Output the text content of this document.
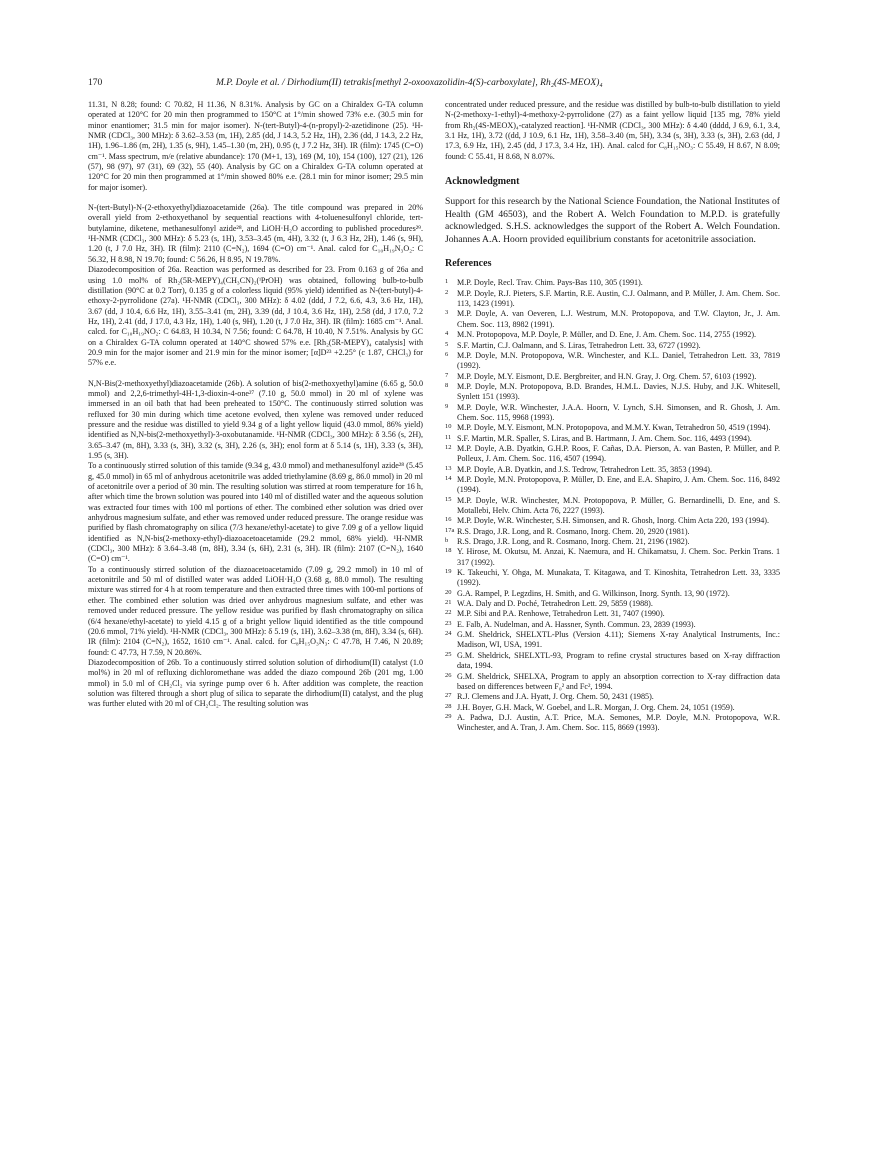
170	M.P. Doyle et al. / Dirhodium(II) tetrakis[methyl 2-oxooxazolidin-4(S)-carboxylate], Rh₂(4S-MEOX)₄

11.31, N 8.28; found: C 70.82, H 11.36, N 8.31%. Analysis by GC on a Chiraldex G-TA column operated at 120°C for 20 min then programmed to 150°C at 1°/min showed 73% e.e. (30.5 min for minor enantiomer; 31.5 min for major isomer). N-(tert-Butyl)-4-(n-propyl)-2-azetidinone (25). ¹H-NMR (CDCl₃, 300 MHz): δ 3.62–3.53 (m, 1H), 2.85 (dd, J 14.3, 5.2 Hz, 1H), 2.36 (dd, J 14.3, 2.2 Hz, 1H), 1.96–1.86 (m, 2H), 1.35 (s, 9H), 1.45–1.30 (m, 2H), 0.95 (t, J 7.2 Hz, 3H). IR (film): 1745 (C=O) cm⁻¹. Mass spectrum, m/e (relative abundance): 170 (M+1, 13), 169 (M, 10), 154 (100), 127 (21), 126 (57), 98 (97), 97 (31), 69 (32), 55 (40). Analysis by GC on a Chiraldex G-TA column operated at 120°C for 20 min then programmed at 1°/min showed 80% e.e. (28.1 min for minor isomer; 29.5 min for major isomer).

N-(tert-Butyl)-N-(2-ethoxyethyl)diazoacetamide (26a). The title compound was prepared in 20% overall yield from 2-ethoxyethanol by sequential reactions with 4-toluenesulfonyl chloride, tert-butylamine, diketene, methanesulfonyl azide²⁸, and LiOH·H₂O according to published procedures²⁹. ¹H-NMR (CDCl₃, 300 MHz): δ 5.23 (s, 1H), 3.53–3.45 (m, 4H), 3.32 (t, J 6.3 Hz, 2H), 1.46 (s, 9H), 1.20 (t, J 7.0 Hz, 3H). IR (film): 2110 (C=N₂), 1694 (C=O) cm⁻¹. Anal. calcd for C₁₀H₁₉N₃O₂: C 56.32, H 8.98, N 19.70; found: C 56.26, H 8.95, N 19.78%.

Diazodecomposition of 26a. Reaction was performed as described for 23. From 0.163 g of 26a and using 1.0 mol% of Rh₂(5R-MEPY)₄(CH₃CN)₂(ⁱPrOH) was obtained, following bulb-to-bulb distillation (90°C at 0.2 Torr), 0.135 g of a colorless liquid (95% yield) identified as N-(tert-butyl)-4-ethoxy-2-pyrrolidone (27a). ¹H-NMR (CDCl₃, 300 MHz): δ 4.02 (ddd, J 7.2, 6.6, 4.3, 3.6 Hz, 1H), 3.67 (dd, J 10.4, 6.6 Hz, 1H), 3.55–3.41 (m, 2H), 3.39 (dd, J 10.4, 3.6 Hz, 1H), 2.58 (dd, J 17.0, 7.2 Hz, 1H), 2.41 (dd, J 17.0, 4.3 Hz, 1H), 1.40 (s, 9H), 1.20 (t, J 7.0 Hz, 3H). IR (film): 1685 cm⁻¹. Anal. calcd. for C₁₀H₁₉NO₂: C 64.83, H 10.34, N 7.56; found: C 64.78, H 10.40, N 7.51%. Analysis by GC on a Chiraldex G-TA column operated at 140°C showed 57% e.e. [Rh₂(5R-MEPY)₄ catalysis] with 20.9 min for the major isomer and 21.9 min for the minor isomer; [α]D²³ +2.25° (c 1.87, CHCl₃) for 57% e.e.

N,N-Bis(2-methoxyethyl)diazoacetamide (26b). A solution of bis(2-methoxyethyl)amine (6.65 g, 50.0 mmol) and 2,2,6-trimethyl-4H-1,3-dioxin-4-one²⁷ (7.10 g, 50.0 mmol) in 20 ml of xylene was immersed in an oil bath that had been preheated to 150°C. The continuously stirred solution was refluxed for 30 min during which time acetone evolved, then xylene was removed under reduced pressure and the residue was distilled to yield 9.34 g of a light yellow liquid (43.0 mmol, 86% yield) identified as N,N-bis(2-methoxyethyl)-3-oxobutanamide. ¹H-NMR (CDCl₃, 300 MHz): δ 3.56 (s, 2H), 3.65–3.47 (m, 8H), 3.33 (s, 3H), 3.32 (s, 3H), 2.26 (s, 3H); enol form at δ 5.14 (s, 1H), 3.33 (s, 3H), 1.95 (s, 3H).

To a continuously stirred solution of this tamide (9.34 g, 43.0 mmol) and methanesulfonyl azide²⁸ (5.45 g, 45.0 mmol) in 65 ml of anhydrous acetonitrile was added triethylamine (8.69 g, 86.0 mmol) in 20 ml of acetonitrile over a period of 30 min. The resulting solution was stirred at room temperature for 16 h, after which time the brown solution was poured into 140 ml of distilled water and the aqueous solution was extracted four times with 100 ml portions of ether. The combined ether solution was dried over anhydrous magnesium sulfate, and ether was removed under reduced pressure. The orange residue was purified by flash chromatography on silica (7/3 hexane/ethyl-acetate) to give 7.09 g of a yellow liquid identified as N,N-bis(2-methoxy-ethyl)-diazoacetoacetamide (29.2 mmol, 68% yield). ¹H-NMR (CDCl₃, 300 MHz): δ 3.64–3.48 (m, 8H), 3.34 (s, 6H), 2.31 (s, 3H). IR (film): 2107 (C=N₂), 1640 (C=O) cm⁻¹.

To a continuously stirred solution of the diazoacetoacetamido (7.09 g, 29.2 mmol) in 10 ml of acetonitrile and 50 ml of distilled water was added LiOH·H₂O (3.68 g, 88.0 mmol). The resulting mixture was stirred for 4 h at room temperature and then extracted three times with 100-ml portions of ether. The combined ether solution was dried over anhydrous magnesium sulfate, and ether was removed under reduced pressure. The yellow residue was purified by flash chromatography on silica (6/4 hexane/ethyl-acetate) to yield 4.15 g of a bright yellow liquid identified as the title compound (20.6 mmol, 71% yield). ¹H-NMR (CDCl₃, 300 MHz): δ 5.19 (s, 1H), 3.62–3.38 (m, 8H), 3.34 (s, 6H). IR (film): 2104 (C=N₂), 1652, 1610 cm⁻¹. Anal. calcd. for C₈H₁₅O₃N₃: C 47.78, H 7.46, N 20.89; found: C 47.73, H 7.59, N 20.86%.

Diazodecomposition of 26b. To a continuously stirred solution solution of dirhodium(II) catalyst (1.0 mol%) in 20 ml of refluxing dichloromethane was added the diazo compound 26b (201 mg, 1.00 mmol) in 5.0 ml of CH₂Cl₂ via syringe pump over 6 h. After addition was complete, the reaction solution was filtered through a short plug of silica to separate the dirhodium(II) catalyst, and the plug was further eluted with 20 ml of CH₂Cl₂. The resulting solution was

concentrated under reduced pressure, and the residue was distilled by bulb-to-bulb distillation to yield N-(2-methoxy-1-ethyl)-4-methoxy-2-pyrrolidone (27) as a faint yellow liquid [135 mg, 78% yield from Rh₂(4S-MEOX)₄-catalyzed reaction]. ¹H-NMR (CDCl₃, 300 MHz): δ 4.40 (dddd, J 6.9, 6.1, 3.4, 3.1 Hz, 1H), 3.72 ((dd, J 10.9, 6.1 Hz, 1H), 3.58–3.40 (m, 5H), 3.34 (s, 3H), 3.33 (s, 3H), 2.63 (dd, J 17.3, 6.9 Hz, 1H), 2.45 (dd, J 17.3, 3.4 Hz, 1H). Anal. calcd for C₈H₁₅NO₃: C 55.49, H 8.67, N 8.09; found: C 55.41, H 8.68, N 8.07%.

Acknowledgment

Support for this research by the National Science Foundation, the National Institutes of Health (GM 46503), and the Robert A. Welch Foundation to M.P.D. is gratefully acknowledged. S.H.S. acknowledges the support of the Robert A. Welch Foundation. Johannes A.A. Hoorn provided equilibrium constants for acetonitrile association.

References
1 M.P. Doyle, Recl. Trav. Chim. Pays-Bas 110, 305 (1991).
2 M.P. Doyle, R.J. Pieters, S.F. Martin, R.E. Austin, C.J. Oalmann, and P. Müller, J. Am. Chem. Soc. 113, 1423 (1991).
3 M.P. Doyle, A. van Oeveren, L.J. Westrum, M.N. Protopopova, and T.W. Clayton, Jr., J. Am. Chem. Soc. 113, 8982 (1991).
4 M.N. Protopopova, M.P. Doyle, P. Müller, and D. Ene, J. Am. Chem. Soc. 114, 2755 (1992).
5 S.F. Martin, C.J. Oalmann, and S. Liras, Tetrahedron Lett. 33, 6727 (1992).
6 M.P. Doyle, M.N. Protopopova, W.R. Winchester, and K.L. Daniel, Tetrahedron Lett. 33, 7819 (1992).
7 M.P. Doyle, M.Y. Eismont, D.E. Bergbreiter, and H.N. Gray, J. Org. Chem. 57, 6103 (1992).
8 M.P. Doyle, M.N. Protopopova, B.D. Brandes, H.M.L. Davies, N.J.S. Huby, and J.K. Whitesell, Synlett 151 (1993).
9 M.P. Doyle, W.R. Winchester, J.A.A. Hoorn, V. Lynch, S.H. Simonsen, and R. Ghosh, J. Am. Chem. Soc. 115, 9968 (1993).
10 M.P. Doyle, M.Y. Eismont, M.N. Protopopova, and M.M.Y. Kwan, Tetrahedron 50, 4519 (1994).
11 S.F. Martin, M.R. Spaller, S. Liras, and B. Hartmann, J. Am. Chem. Soc. 116, 4493 (1994).
12 M.P. Doyle, A.B. Dyatkin, G.H.P. Roos, F. Cañas, D.A. Pierson, A. van Basten, P. Müller, and P. Polleux, J. Am. Chem. Soc. 116, 4507 (1994).
13 M.P. Doyle, A.B. Dyatkin, and J.S. Tedrow, Tetrahedron Lett. 35, 3853 (1994).
14 M.P. Doyle, M.N. Protopopova, P. Müller, D. Ene, and E.A. Shapiro, J. Am. Chem. Soc. 116, 8492 (1994).
15 M.P. Doyle, W.R. Winchester, M.N. Protopopova, P. Müller, G. Bernardinelli, D. Ene, and S. Motallebi, Helv. Chim. Acta 76, 2227 (1993).
16 M.P. Doyle, W.R. Winchester, S.H. Simonsen, and R. Ghosh, Inorg. Chim Acta 220, 193 (1994).
17a R.S. Drago, J.R. Long, and R. Cosmano, Inorg. Chem. 20, 2920 (1981).
b R.S. Drago, J.R. Long, and R. Cosmano, Inorg. Chem. 21, 2196 (1982).
18 Y. Hirose, M. Okutsu, M. Anzai, K. Naemura, and H. Chikamatsu, J. Chem. Soc. Perkin Trans. 1 317 (1992).
19 K. Takeuchi, Y. Ohga, M. Munakata, T. Kitagawa, and T. Kinoshita, Tetrahedron Lett. 33, 3335 (1992).
20 G.A. Rampel, P. Legzdins, H. Smith, and G. Wilkinson, Inorg. Synth. 13, 90 (1972).
21 W.A. Daly and D. Poché, Tetrahedron Lett. 29, 5859 (1988).
22 M.P. Sibi and P.A. Renhowe, Tetrahedron Lett. 31, 7407 (1990).
23 E. Falb, A. Nudelman, and A. Hassner, Synth. Commun. 23, 2839 (1993).
24 G.M. Sheldrick, SHELXTL-Plus (Version 4.11); Siemens X-ray Analytical Instruments, Inc.: Madison, WI, USA, 1991.
25 G.M. Sheldrick, SHELXTL-93, Program to refine crystal structures based on X-ray diffraction data, 1994.
26 G.M. Sheldrick, SHELXA, Program to apply an absorption correction to X-ray diffraction data based on differences between F₀² and Fc², 1994.
27 R.J. Clemens and J.A. Hyatt, J. Org. Chem. 50, 2431 (1985).
28 J.H. Boyer, G.H. Mack, W. Goebel, and L.R. Morgan, J. Org. Chem. 24, 1051 (1959).
29 A. Padwa, D.J. Austin, A.T. Price, M.A. Semones, M.P. Doyle, M.N. Protopopova, W.R. Winchester, and A. Tran, J. Am. Chem. Soc. 115, 8669 (1993).
